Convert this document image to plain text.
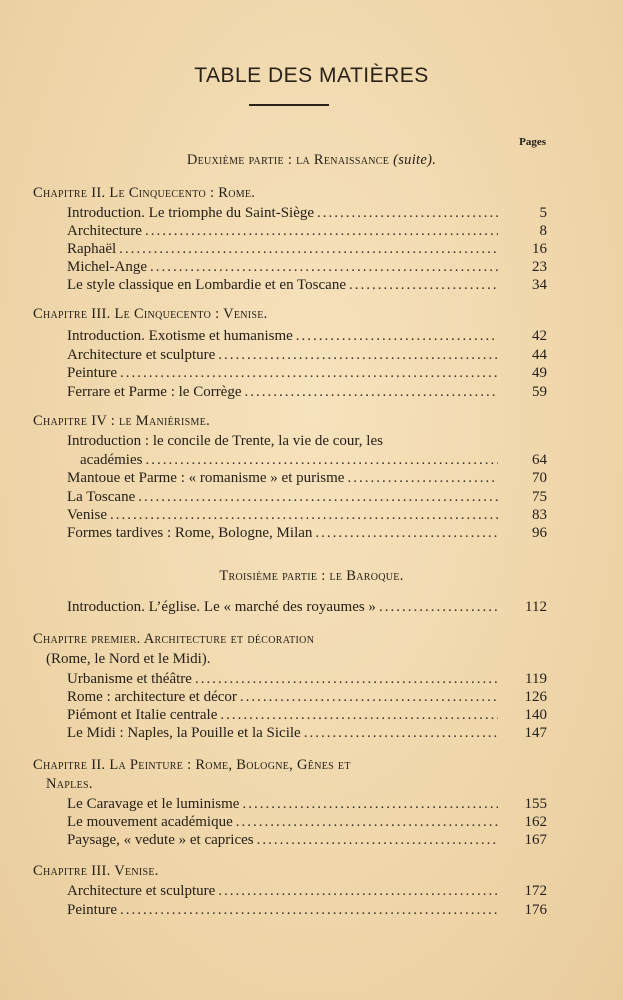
TABLE DES MATIÈRES
Pages
Deuxième partie : la Renaissance (suite).
Chapitre II. Le Cinquecento : Rome.
Introduction. Le triomphe du Saint-Siège .....	5
Architecture .....	8
Raphaël .....	16
Michel-Ange .....	23
Le style classique en Lombardie et en Toscane .....	34
Chapitre III. Le Cinquecento : Venise.
Introduction. Exotisme et humanisme .....	42
Architecture et sculpture .....	44
Peinture .....	49
Ferrare et Parme : le Corrège .....	59
Chapitre IV : le Maniérisme.
Introduction : le concile de Trente, la vie de cour, les
académies .....	64
Mantoue et Parme : « romanisme » et purisme .....	70
La Toscane .....	75
Venise .....	83
Formes tardives : Rome, Bologne, Milan .....	96
Troisième partie : le Baroque.
Introduction. L’église. Le « marché des royaumes » .....	112
Chapitre premier. Architecture et décoration
(Rome, le Nord et le Midi).
Urbanisme et théâtre .....	119
Rome : architecture et décor .....	126
Piémont et Italie centrale .....	140
Le Midi : Naples, la Pouille et la Sicile .....	147
Chapitre II. La Peinture : Rome, Bologne, Gênes et
Naples.
Le Caravage et le luminisme .....	155
Le mouvement académique .....	162
Paysage, « vedute » et caprices .....	167
Chapitre III. Venise.
Architecture et sculpture .....	172
Peinture .....	176
